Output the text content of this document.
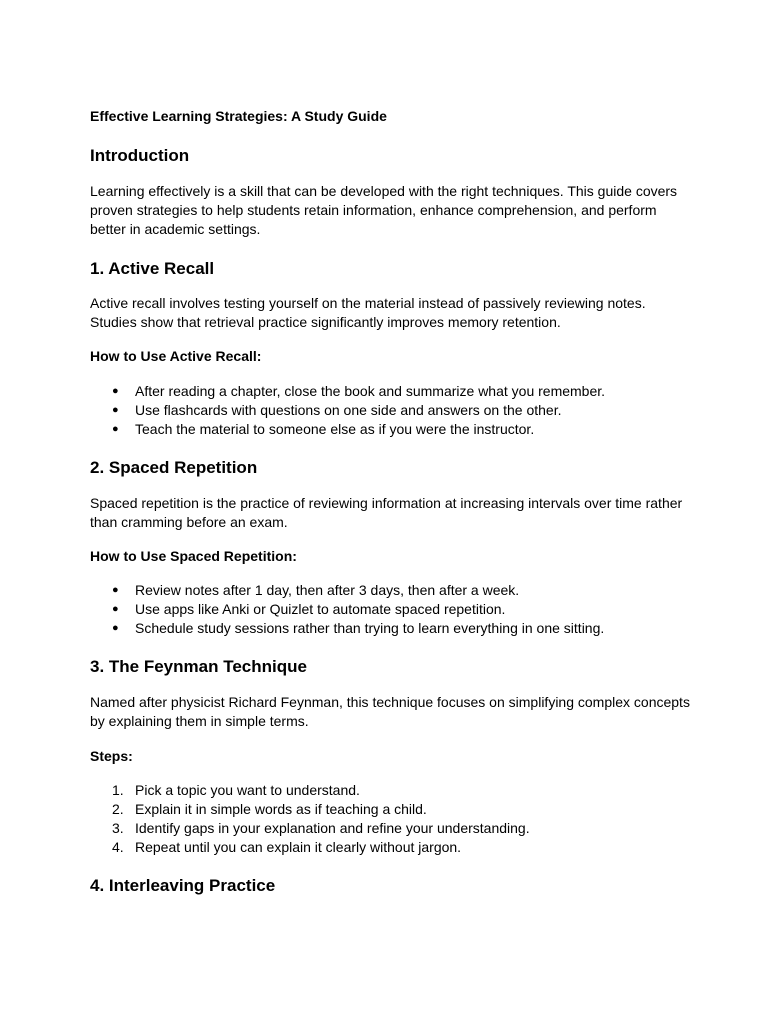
Effective Learning Strategies: A Study Guide
Introduction

Learning effectively is a skill that can be developed with the right techniques. This guide covers proven strategies to help students retain information, enhance comprehension, and perform better in academic settings.

1. Active Recall

Active recall involves testing yourself on the material instead of passively reviewing notes. Studies show that retrieval practice significantly improves memory retention.

How to Use Active Recall:
● After reading a chapter, close the book and summarize what you remember.
● Use flashcards with questions on one side and answers on the other.
● Teach the material to someone else as if you were the instructor.
2. Spaced Repetition

Spaced repetition is the practice of reviewing information at increasing intervals over time rather than cramming before an exam.

How to Use Spaced Repetition:
● Review notes after 1 day, then after 3 days, then after a week.
● Use apps like Anki or Quizlet to automate spaced repetition.
● Schedule study sessions rather than trying to learn everything in one sitting.
3. The Feynman Technique

Named after physicist Richard Feynman, this technique focuses on simplifying complex concepts by explaining them in simple terms.

Steps:
1. Pick a topic you want to understand.
2. Explain it in simple words as if teaching a child.
3. Identify gaps in your explanation and refine your understanding.
4. Repeat until you can explain it clearly without jargon.
4. Interleaving Practice
